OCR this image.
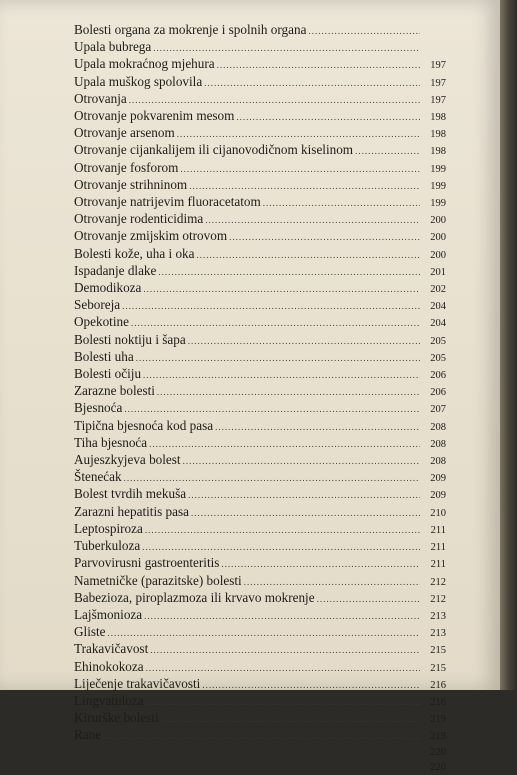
Bolesti organa za mokrenje i spolnih organa
.....
Upala bubrega
.....
Upala mokraćnog mjehura .....	197
Upala muškog spolovila .....	197
Otrovanja .....	197
Otrovanje pokvarenim mesom .....	198
Otrovanje arsenom .....	198
Otrovanje cijankalijem ili cijanovodičnom kiselinom .....	198
Otrovanje fosforom .....	199
Otrovanje strihninom .....	199
Otrovanje natrijevim fluoracetatom .....	199
Otrovanje rodenticidima .....	200
Otrovanje zmijskim otrovom .....	200
Bolesti kože, uha i oka .....	200
Ispadanje dlake .....	201
Demodikoza .....	202
Seboreja .....	204
Opekotine .....	204
Bolesti noktiju i šapa .....	205
Bolesti uha .....	205
Bolesti očiju .....	206
Zarazne bolesti .....	206
Bjesnoća .....	207
Tipična bjesnoća kod pasa .....	208
Tiha bjesnoća .....	208
Aujeszkyjeva bolest .....	208
Štenećak .....	209
Bolest tvrdih mekuša .....	209
Zarazni hepatitis pasa .....	210
Leptospiroza .....	211
Tuberkuloza .....	211
Parvovirusni gastroenteritis .....	211
Nametničke (parazitske) bolesti .....	212
Babezioza, piroplazmoza ili krvavo mokrenje .....	212
Lajšmonioza .....	213
Gliste .....	213
Trakavičavost .....	215
Ehinokokoza .....	215
Liječenje trakavičavosti .....	216
Lingvatuloza .....	216
Kirurške bolesti .....	219
Rane .....	219
220
220
